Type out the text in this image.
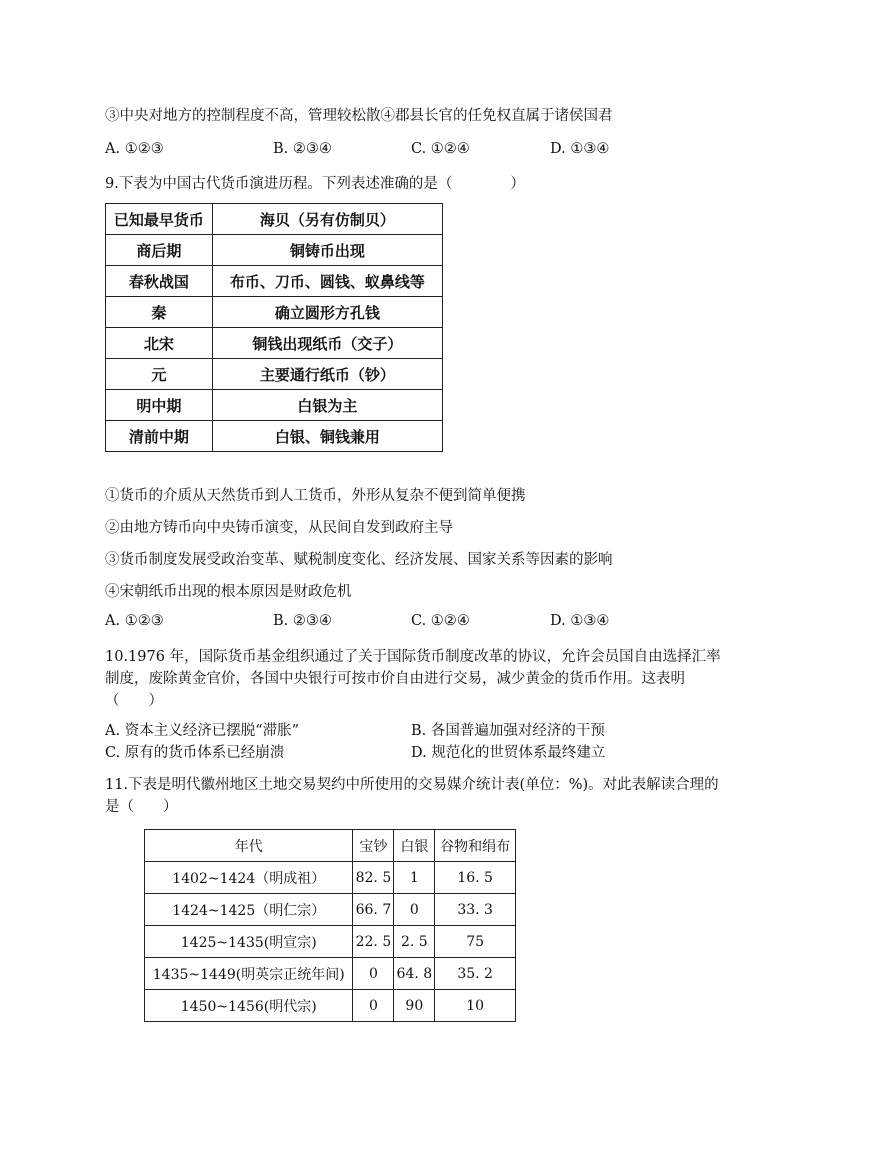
③中央对地方的控制程度不高，管理较松散④郡县长官的任免权直属于诸侯国君
A. ①②③	B. ②③④	C. ①②④	D. ①③④
9.下表为中国古代货币演进历程。下列表述准确的是（　　　　）
已知最早货币	海贝（另有仿制贝）
商后期	铜铸币出现
春秋战国	布币、刀币、圆钱、蚁鼻线等
秦	确立圆形方孔钱
北宋	铜钱出现纸币（交子）
元	主要通行纸币（钞）
明中期	白银为主
清前中期	白银、铜钱兼用
①货币的介质从天然货币到人工货币，外形从复杂不便到简单便携
②由地方铸币向中央铸币演变，从民间自发到政府主导
③货币制度发展受政治变革、赋税制度变化、经济发展、国家关系等因素的影响
④宋朝纸币出现的根本原因是财政危机
A. ①②③	B. ②③④	C. ①②④	D. ①③④
10.1976 年，国际货币基金组织通过了关于国际货币制度改革的协议，允许会员国自由选择汇率
制度，废除黄金官价，各国中央银行可按市价自由进行交易，减少黄金的货币作用。这表明
（　　）
A. 资本主义经济已摆脱“滞胀”	B. 各国普遍加强对经济的干预
C. 原有的货币体系已经崩溃	D. 规范化的世贸体系最终建立
11.下表是明代徽州地区土地交易契约中所使用的交易媒介统计表(单位：%)。对此表解读合理的
是（　　）
年代	宝钞	白银	谷物和绢布
1402~1424（明成祖）	82. 5	1	16. 5
1424~1425（明仁宗）	66. 7	0	33. 3
1425~1435(明宣宗)	22. 5	2. 5	75
1435~1449(明英宗正统年间)	0	64. 8	35. 2
1450~1456(明代宗)	0	90	10
